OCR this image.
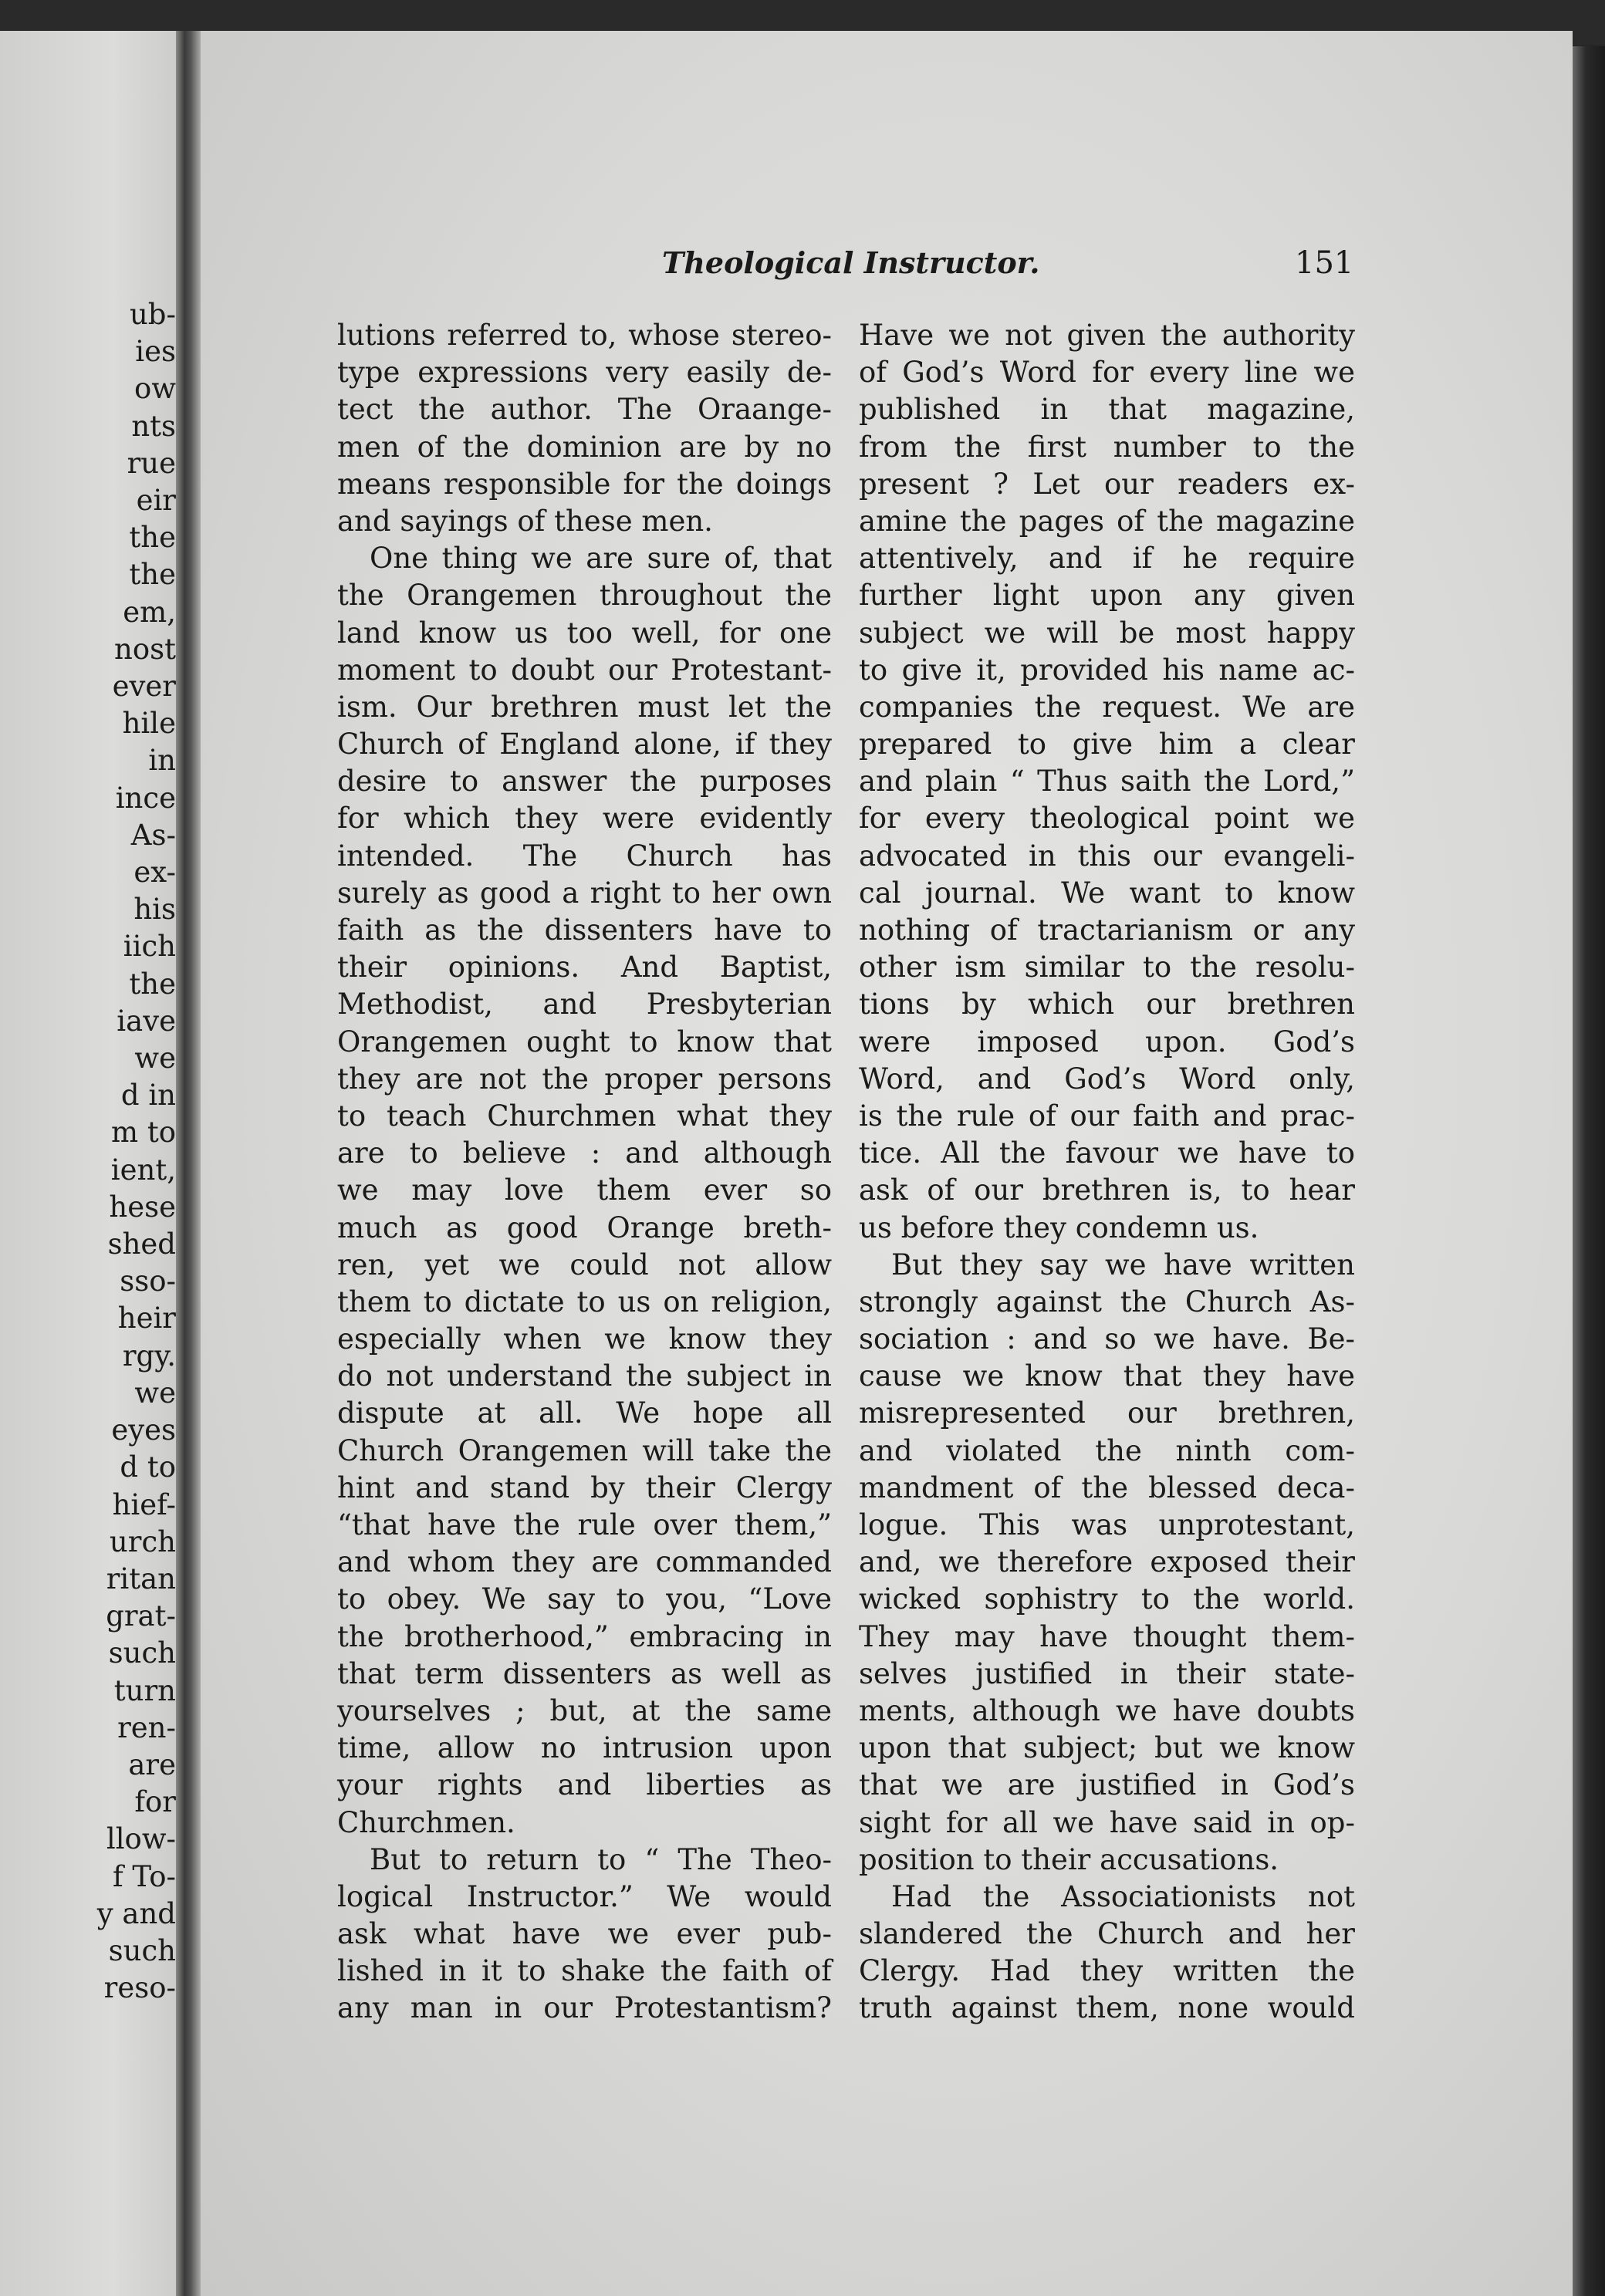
ub-
ies
ow
nts
rue
eir
the
the
em,
nost
ever
hile
in
ince
As-
ex-
his
iich
the
iave
we
d in
m to
ient,
hese
shed
sso-
heir
rgy.
we
eyes
d to
hief-
urch
ritan
grat-
such
turn
ren-
are
for
llow-
f To-
y and
such
reso-
Theological Instructor.	151
lutions referred to, whose stereo-
type expressions very easily de-
tect the author. The Oraange-
men of the dominion are by no
means responsible for the doings
and sayings of these men.
One thing we are sure of, that
the Orangemen throughout the
land know us too well, for one
moment to doubt our Protestant-
ism. Our brethren must let the
Church of England alone, if they
desire to answer the purposes
for which they were evidently
intended. The Church has
surely as good a right to her own
faith as the dissenters have to
their opinions. And Baptist,
Methodist, and Presbyterian
Orangemen ought to know that
they are not the proper persons
to teach Churchmen what they
are to believe : and although
we may love them ever so
much as good Orange breth-
ren, yet we could not allow
them to dictate to us on religion,
especially when we know they
do not understand the subject in
dispute at all. We hope all
Church Orangemen will take the
hint and stand by their Clergy
“that have the rule over them,”
and whom they are commanded
to obey. We say to you, “Love
the brotherhood,” embracing in
that term dissenters as well as
yourselves ; but, at the same
time, allow no intrusion upon
your rights and liberties as
Churchmen.
But to return to “ The Theo-
logical Instructor.” We would
ask what have we ever pub-
lished in it to shake the faith of
any man in our Protestantism?
Have we not given the authority
of God’s Word for every line we
published in that magazine,
from the first number to the
present ? Let our readers ex-
amine the pages of the magazine
attentively, and if he require
further light upon any given
subject we will be most happy
to give it, provided his name ac-
companies the request. We are
prepared to give him a clear
and plain “ Thus saith the Lord,”
for every theological point we
advocated in this our evangeli-
cal journal. We want to know
nothing of tractarianism or any
other ism similar to the resolu-
tions by which our brethren
were imposed upon. God’s
Word, and God’s Word only,
is the rule of our faith and prac-
tice. All the favour we have to
ask of our brethren is, to hear
us before they condemn us.
But they say we have written
strongly against the Church As-
sociation : and so we have. Be-
cause we know that they have
misrepresented our brethren,
and violated the ninth com-
mandment of the blessed deca-
logue. This was unprotestant,
and, we therefore exposed their
wicked sophistry to the world.
They may have thought them-
selves justified in their state-
ments, although we have doubts
upon that subject; but we know
that we are justified in God’s
sight for all we have said in op-
position to their accusations.
Had the Associationists not
slandered the Church and her
Clergy. Had they written the
truth against them, none would
